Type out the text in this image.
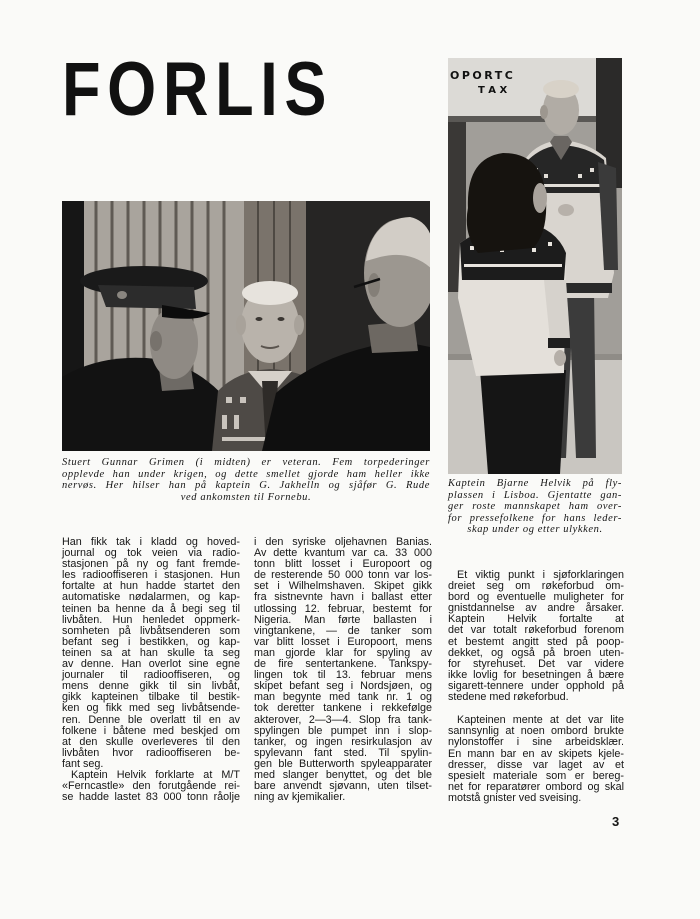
FORLIS
Stuert Gunnar Grimen (i midten) er veteran. Fem torpederinger
opplevde han under krigen, og dette smellet gjorde ham heller ikke
nervøs. Her hilser han på kaptein G. Jakhelln og sjåfør G. Rude
ved ankomsten til Fornebu.
OPORTC
T A X
Kaptein Bjarne Helvik på fly-
plassen i Lisboa. Gjentatte gan-
ger roste mannskapet ham over-
for pressefolkene for hans leder-
skap under og etter ulykken.
Han fikk tak i kladd og hoved-
journal og tok veien via radio-
stasjonen på ny og fant fremde-
les radiooffiseren i stasjonen. Hun
fortalte at hun hadde startet den
automatiske nødalarmen, og kap-
teinen ba henne da å begi seg til
livbåten. Hun henledet oppmerk-
somheten på livbåtsenderen som
befant seg i bestikken, og kap-
teinen sa at han skulle ta seg
av denne. Han overlot sine egne
journaler til radiooffiseren, og
mens denne gikk til sin livbåt,
gikk kapteinen tilbake til bestik-
ken og fikk med seg livbåtsende-
ren. Denne ble overlatt til en av
folkene i båtene med beskjed om
at den skulle overleveres til den
livbåten hvor radiooffiseren be-
fant seg.
Kaptein Helvik forklarte at M/T
«Ferncastle» den forutgående rei-
se hadde lastet 83 000 tonn råolje
i den syriske oljehavnen Banias.
Av dette kvantum var ca. 33 000
tonn blitt losset i Europoort og
de resterende 50 000 tonn var los-
set i Wilhelmshaven. Skipet gikk
fra sistnevnte havn i ballast etter
utlossing 12. februar, bestemt for
Nigeria. Man førte ballasten i
vingtankene, — de tanker som
var blitt losset i Europoort, mens
man gjorde klar for spyling av
de fire sentertankene. Tankspy-
lingen tok til 13. februar mens
skipet befant seg i Nordsjøen, og
man begynte med tank nr. 1 og
tok deretter tankene i rekkefølge
akterover, 2—3—4. Slop fra tank-
spylingen ble pumpet inn i slop-
tanker, og ingen resirkulasjon av
spylevann fant sted. Til spylin-
gen ble Butterworth spyleapparater
med slanger benyttet, og det ble
bare anvendt sjøvann, uten tilset-
ning av kjemikalier.
Et viktig punkt i sjøforklaringen
dreiet seg om røkeforbud om-
bord og eventuelle muligheter for
gnistdannelse av andre årsaker.
Kaptein Helvik fortalte at
det var totalt røkeforbud forenom
et bestemt angitt sted på poop-
dekket, og også på broen uten-
for styrehuset. Det var videre
ikke lovlig for besetningen å bære
sigarett-tennere under opphold på
stedene med røkeforbud.
Kapteinen mente at det var lite
sannsynlig at noen ombord brukte
nylonstoffer i sine arbeidsklær.
En mann bar en av skipets kjele-
dresser, disse var laget av et
spesielt materiale som er bereg-
net for reparatører ombord og skal
motstå gnister ved sveising.
3
